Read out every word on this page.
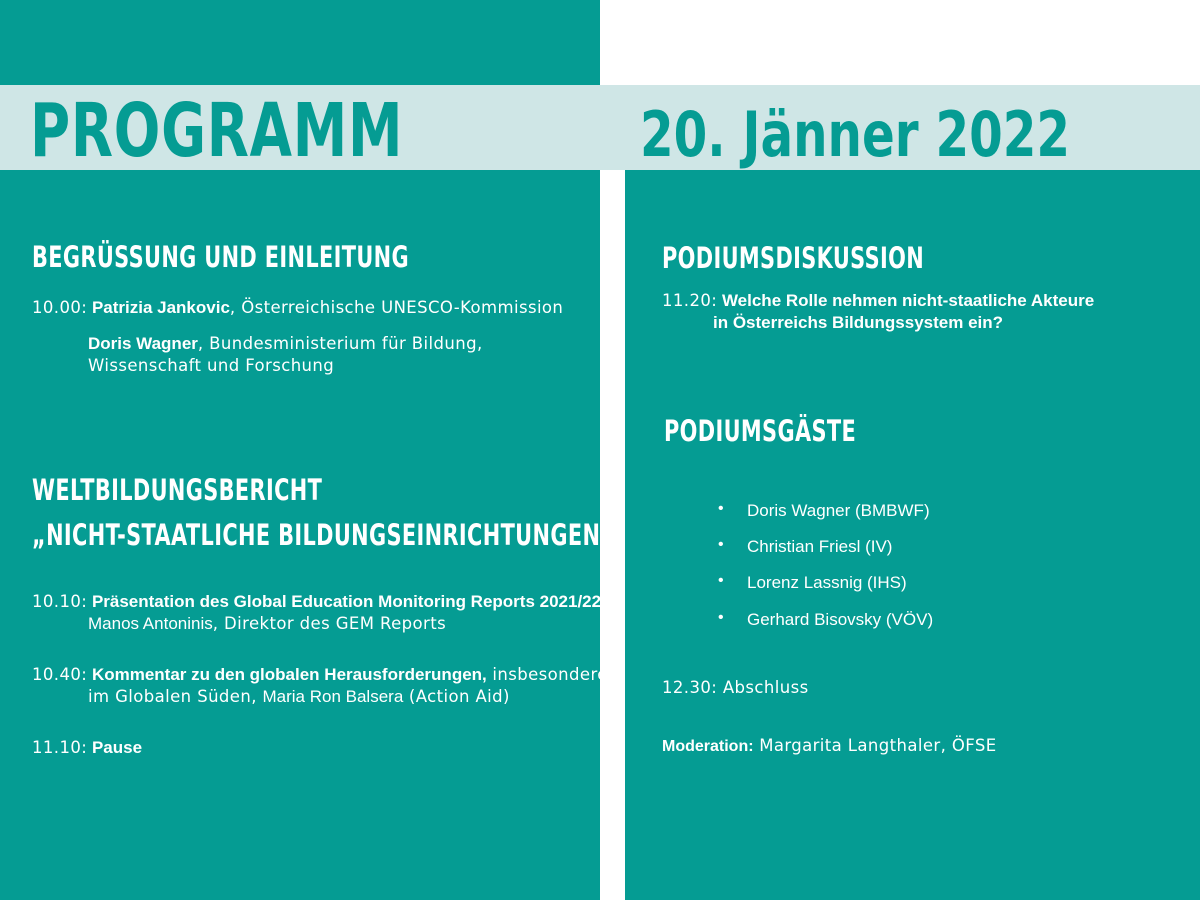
PROGRAMM	20. Jänner 2022
BEGRÜSSUNG UND EINLEITUNG
10.00: Patrizia Jankovic, Österreichische UNESCO-Kommission
Doris Wagner, Bundesministerium für Bildung,
Wissenschaft und Forschung
WELTBILDUNGSBERICHT
„NICHT-STAATLICHE BILDUNGSEINRICHTUNGEN"
10.10: Präsentation des Global Education Monitoring Reports 2021/22
Manos Antoninis, Direktor des GEM Reports
10.40: Kommentar zu den globalen Herausforderungen, insbesondere
im Globalen Süden, Maria Ron Balsera (Action Aid)
11.10: Pause
PODIUMSDISKUSSION
11.20: Welche Rolle nehmen nicht-staatliche Akteure
in Österreichs Bildungssystem ein?
PODIUMSGÄSTE
• Doris Wagner (BMBWF)
• Christian Friesl (IV)
• Lorenz Lassnig (IHS)
• Gerhard Bisovsky (VÖV)
12.30: Abschluss
Moderation: Margarita Langthaler, ÖFSE
